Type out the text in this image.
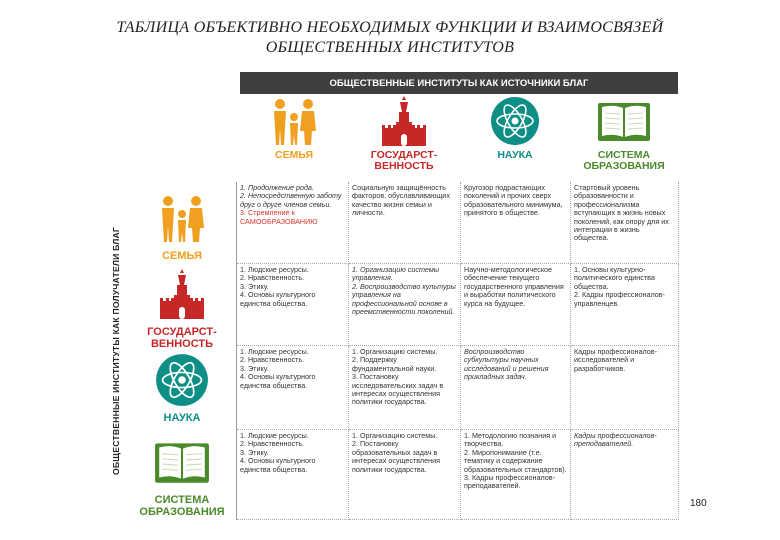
ТАБЛИЦА ОБЪЕКТИВНО НЕОБХОДИМЫХ ФУНКЦИИ И ВЗАИМОСВЯЗЕЙ
ОБЩЕСТВЕННЫХ ИНСТИТУТОВ
ОБЩЕСТВЕННЫЕ ИНСТИТУТЫ КАК ИСТОЧНИКИ БЛАГ
ОБЩЕСТВЕННЫЕ ИНСТИТУТЫ КАК ПОЛУЧАТЕЛИ БЛАГ
СЕМЬЯ	ГОСУДАРСТ-
ВЕННОСТЬ
НАУКА	СИСТЕМА
ОБРАЗОВАНИЯ
СЕМЬЯ
ГОСУДАРСТ-
ВЕННОСТЬ
НАУКА
СИСТЕМА
ОБРАЗОВАНИЯ
1. Продолжение рода.
2. Непосредственную заботу друг о друге членов семьи.
3. Стремление к САМООБРАЗОВАНИЮ
Социальную защищённость факторов, обуславливающих качество жизни семьи и личности.
Кругозор подрастающих поколений и прочих сверх образовательного минимума, принятого в обществе.
Стартовый уровень образованности и профессионализма вступающих в жизнь новых поколений, как опору для их интеграции в жизнь общества.
1. Людские ресурсы.
2. Нравственность.
3. Этику.
4. Основы культурного единства общества.
1. Организацию системы управления.
2. Воспроизводство культуры управления на профессиональной основе в преемственности поколений.
Научно-методологическое обеспечение текущего государственного управления и выработки политического курса на будущее.
1. Основы культурно-политического единства общества.
2. Кадры профессионалов-управленцев.
1. Людские ресурсы.
2. Нравственность.
3. Этику.
4. Основы культурного единства общества.
1. Организацию системы.
2. Поддержку фундаментальной науки.
3. Постановку исследовательских задач в интересах осуществления политики государства.
Воспроизводство субкультуры научных исследований и решения прикладных задач.
Кадры профессионалов-исследователей и разработчиков.
1. Людские ресурсы.
2. Нравственность.
3. Этику.
4. Основы культурного единства общества.
1. Организацию системы.
2. Постановку образовательных задач в интересах осуществления политики государства.
1. Методологию познания и творчества.
2. Миропонимание (т.е. тематику и содержание образовательных стандартов).
3. Кадры профессионалов-преподавателей.
Кадры профессионалов-преподавателей.
180
